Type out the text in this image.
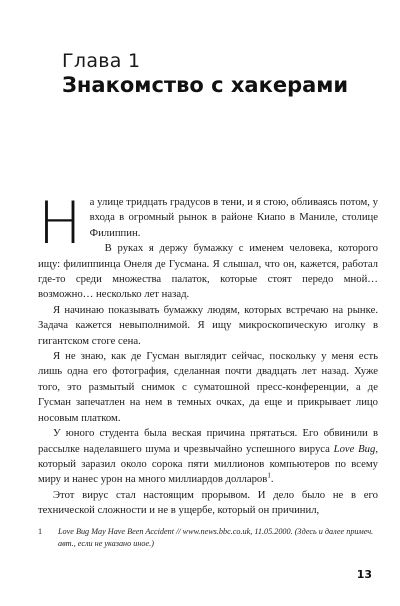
Глава 1
Знакомство с хакерами

На улице тридцать градусов в тени, и я стою, обливаясь потом, у входа в огромный рынок в районе Киапо в Маниле, столице Филиппин.

В руках я держу бумажку с именем человека, которого ищу: филиппинца Онеля де Гусмана. Я слышал, что он, кажется, работал где-то среди множества палаток, которые стоят передо мной… возможно… несколько лет назад.

Я начинаю показывать бумажку людям, которых встречаю на рынке. Задача кажется невыполнимой. Я ищу микроскопическую иголку в гигантском стоге сена.

Я не знаю, как де Гусман выглядит сейчас, поскольку у меня есть лишь одна его фотография, сделанная почти двадцать лет назад. Хуже того, это размытый снимок с суматошной пресс-конференции, а де Гусман запечатлен на нем в темных очках, да еще и прикрывает лицо носовым платком.

У юного студента была веская причина прятаться. Его обвинили в рассылке наделавшего шума и чрезвычайно успешного вируса Love Bug, который заразил около сорока пяти миллионов компьютеров по всему миру и нанес урон на много миллиардов долларов$^1$.

Этот вирус стал настоящим прорывом. И дело было не в его технической сложности и не в ущербе, который он причинил,

1 Love Bug May Have Been Accident // www.news.bbc.co.uk, 11.05.2000. (Здесь и далее примеч. авт., если не указано иное.)
13
